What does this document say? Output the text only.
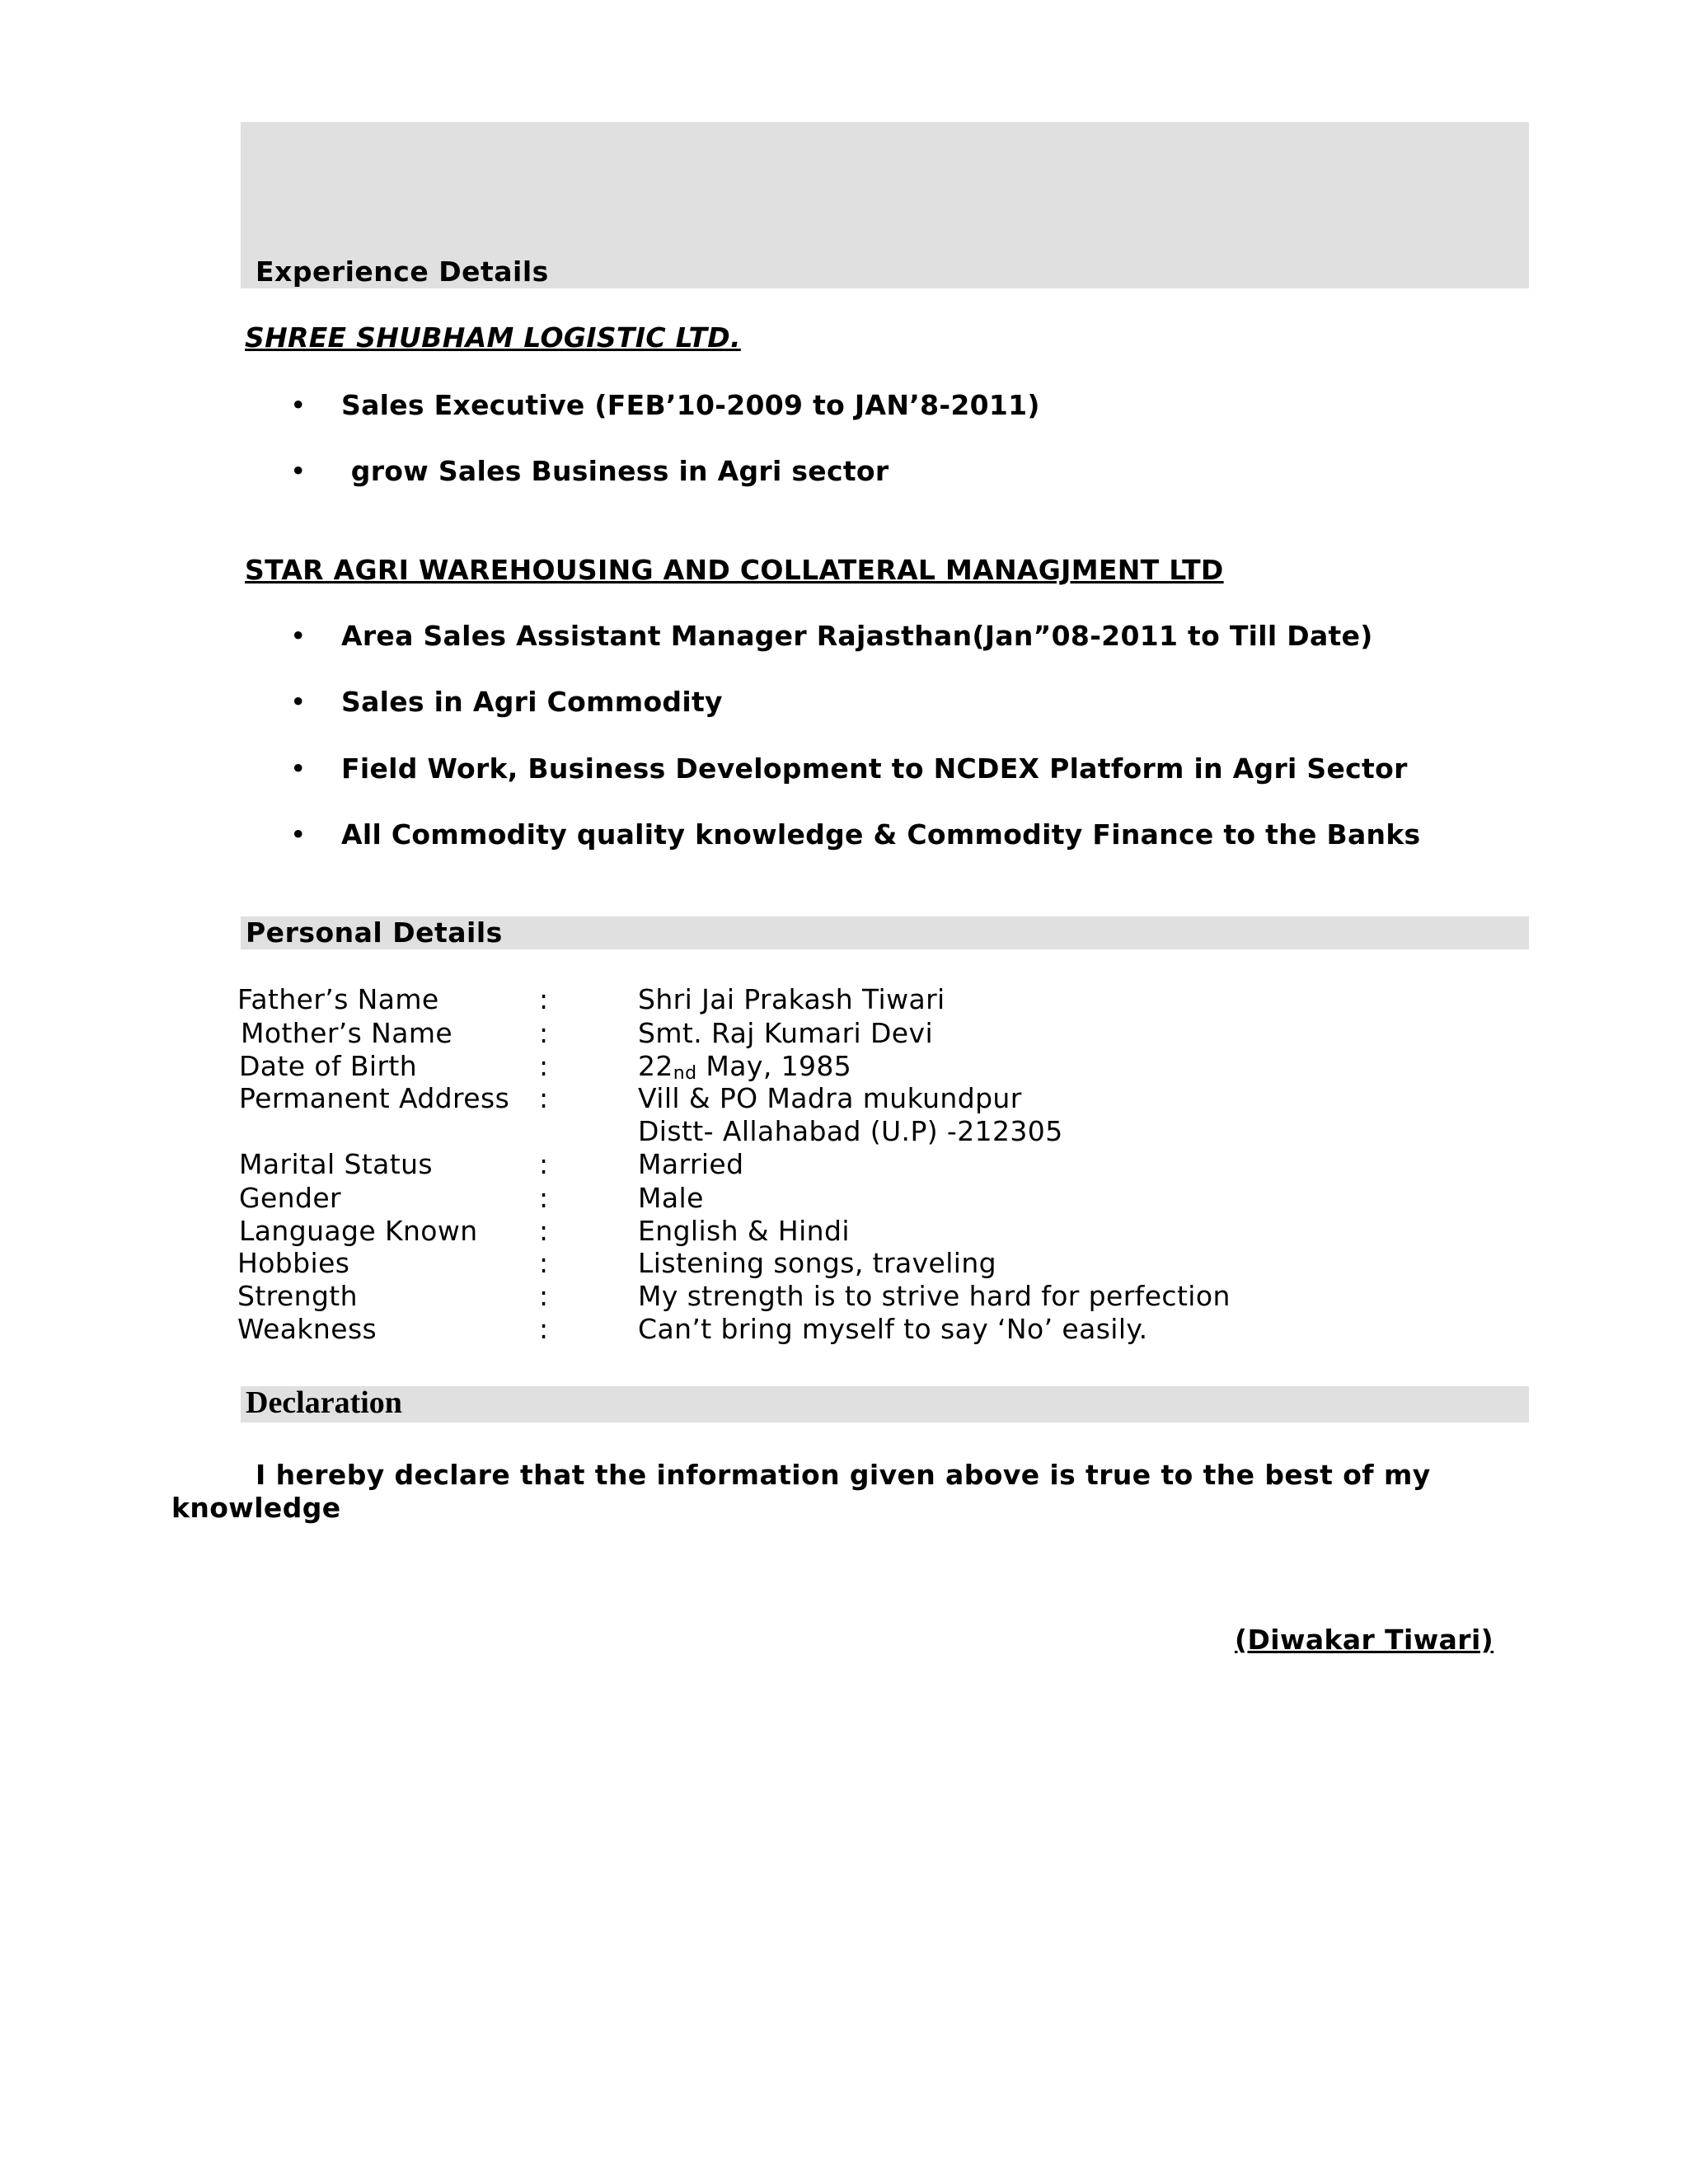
Experience Details
SHREE SHUBHAM LOGISTIC LTD.
• Sales Executive (FEB’10-2009 to JAN’8-2011)
• grow Sales Business in Agri sector
STAR AGRI WAREHOUSING AND COLLATERAL MANAGJMENT LTD
• Area Sales Assistant Manager Rajasthan(Jan”08-2011 to Till Date)
• Sales in Agri Commodity
• Field Work, Business Development to NCDEX Platform in Agri Sector
• All Commodity quality knowledge & Commodity Finance to the Banks
Personal Details
Father’s Name	:	Shri Jai Prakash Tiwari
Mother’s Name	:	Smt. Raj Kumari Devi
Date of Birth	:	$22_{nd}$ May, 1985
Permanent Address :	Vill & PO Madra mukundpur
Distt- Allahabad (U.P) -212305
Marital Status	:	Married
Gender	:	Male
Language Known :	English & Hindi
Hobbies	:	Listening songs, traveling
Strength	:	My strength is to strive hard for perfection
Weakness	:	Can’t bring myself to say ‘No’ easily.
Declaration
I hereby declare that the information given above is true to the best of my
knowledge
(Diwakar Tiwari)
